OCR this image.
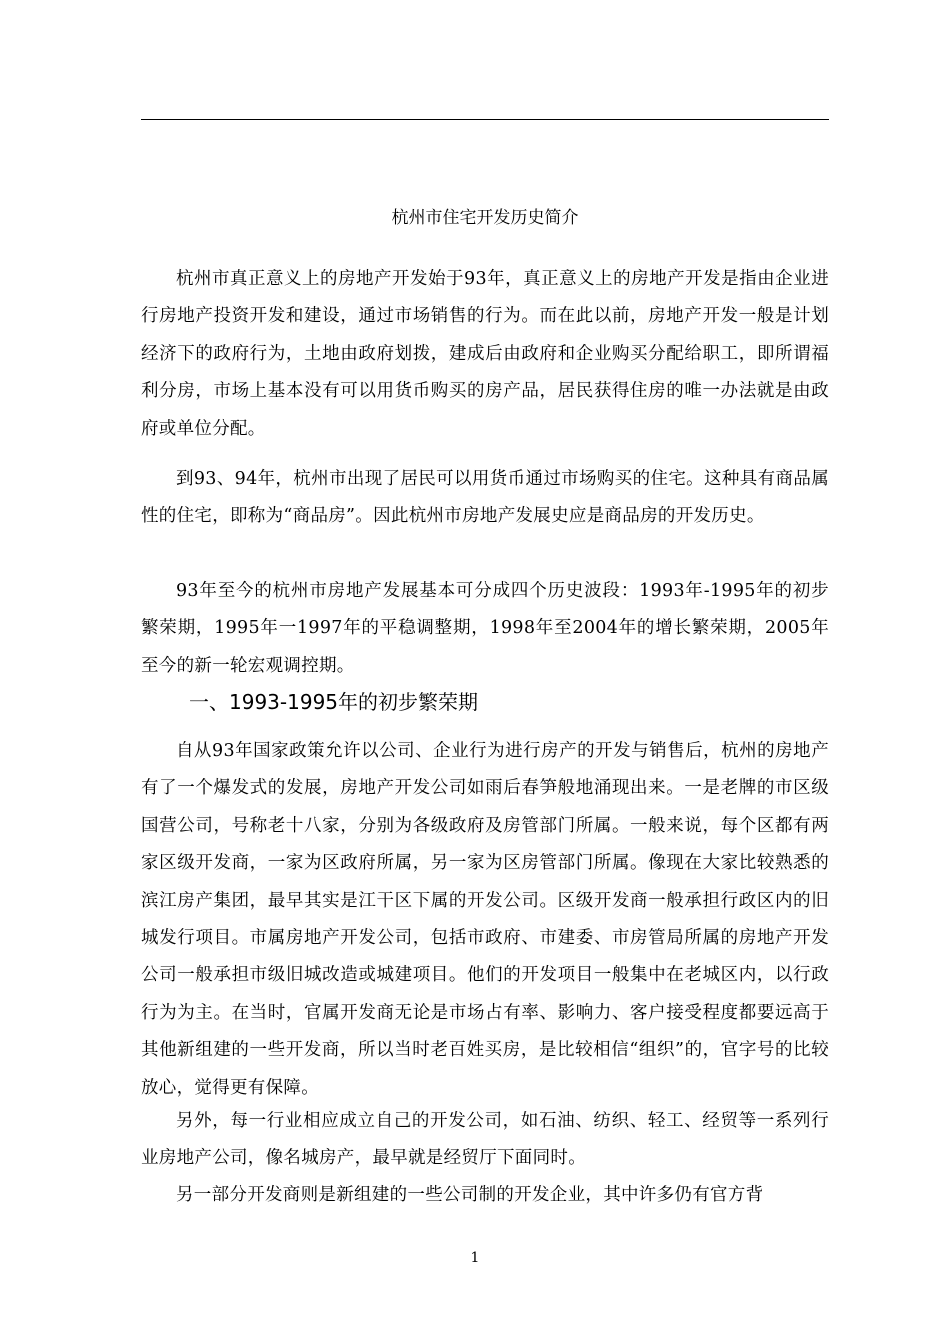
杭州市住宅开发历史简介

杭州市真正意义上的房地产开发始于93年，真正意义上的房地产开发是指由企业进行房地产投资开发和建设，通过市场销售的行为。而在此以前，房地产开发一般是计划经济下的政府行为，土地由政府划拨，建成后由政府和企业购买分配给职工，即所谓福利分房，市场上基本没有可以用货币购买的房产品，居民获得住房的唯一办法就是由政府或单位分配。

到93、94年，杭州市出现了居民可以用货币通过市场购买的住宅。这种具有商品属性的住宅，即称为“商品房”。因此杭州市房地产发展史应是商品房的开发历史。

93年至今的杭州市房地产发展基本可分成四个历史波段：1993年-1995年的初步繁荣期，1995年一1997年的平稳调整期，1998年至2004年的增长繁荣期，2005年至今的新一轮宏观调控期。

一、1993-1995年的初步繁荣期

自从93年国家政策允许以公司、企业行为进行房产的开发与销售后，杭州的房地产有了一个爆发式的发展，房地产开发公司如雨后春笋般地涌现出来。一是老牌的市区级国营公司，号称老十八家，分别为各级政府及房管部门所属。一般来说，每个区都有两家区级开发商，一家为区政府所属，另一家为区房管部门所属。像现在大家比较熟悉的滨江房产集团，最早其实是江干区下属的开发公司。区级开发商一般承担行政区内的旧城发行项目。市属房地产开发公司，包括市政府、市建委、市房管局所属的房地产开发公司一般承担市级旧城改造或城建项目。他们的开发项目一般集中在老城区内，以行政行为为主。在当时，官属开发商无论是市场占有率、影响力、客户接受程度都要远高于其他新组建的一些开发商，所以当时老百姓买房，是比较相信“组织”的，官字号的比较放心，觉得更有保障。

另外，每一行业相应成立自己的开发公司，如石油、纺织、轻工、经贸等一系列行业房地产公司，像名城房产，最早就是经贸厅下面同时。

另一部分开发商则是新组建的一些公司制的开发企业，其中许多仍有官方背

1
